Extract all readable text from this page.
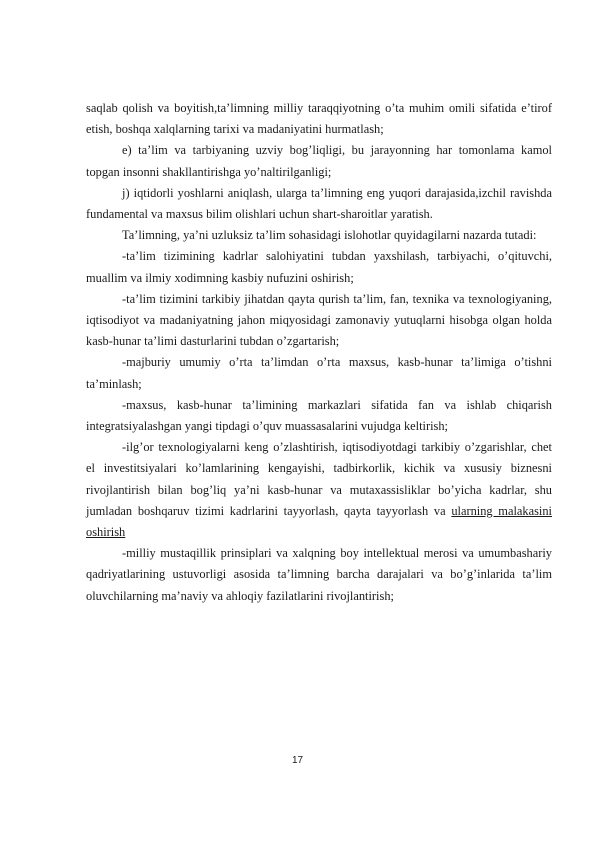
saqlab qolish va boyitish,ta’limning milliy taraqqiyotning o’ta muhim omili sifatida e’tirof etish, boshqa xalqlarning tarixi va madaniyatini hurmatlash;

e) ta’lim va tarbiyaning uzviy bog’liqligi, bu jarayonning har tomonlama kamol topgan insonni shakllantirishga yo’naltirilganligi;

j) iqtidorli yoshlarni aniqlash, ularga ta’limning eng yuqori darajasida,izchil ravishda fundamental va maxsus bilim olishlari uchun shart-sharoitlar yaratish.

Ta’limning, ya’ni uzluksiz ta’lim sohasidagi islohotlar quyidagilarni nazarda tutadi:

-ta’lim tizimining kadrlar salohiyatini tubdan yaxshilash, tarbiyachi, o’qituvchi, muallim va ilmiy xodimning kasbiy nufuzini oshirish;

-ta’lim tizimini tarkibiy jihatdan qayta qurish ta’lim, fan, texnika va texnologiyaning, iqtisodiyot va madaniyatning jahon miqyosidagi zamonaviy yutuqlarni hisobga olgan holda kasb-hunar ta’limi dasturlarini tubdan o’zgartarish;

-majburiy umumiy o’rta ta’limdan o’rta maxsus, kasb-hunar ta’limiga o’tishni ta’minlash;

-maxsus, kasb-hunar ta’limining markazlari sifatida fan va ishlab chiqarish integratsiyalashgan yangi tipdagi o’quv muassasalarini vujudga keltirish;

-ilg’or texnologiyalarni keng o’zlashtirish, iqtisodiyotdagi tarkibiy o’zgarishlar, chet el investitsiyalari ko’lamlarining kengayishi, tadbirkorlik, kichik va xususiy biznesni rivojlantirish bilan bog’liq ya’ni kasb-hunar va mutaxassisliklar bo’yicha kadrlar, shu jumladan boshqaruv tizimi kadrlarini tayyorlash, qayta tayyorlash va ularning malakasini oshirish

-milliy mustaqillik prinsiplari va xalqning boy intellektual merosi va umumbashariy qadriyatlarining ustuvorligi asosida ta’limning barcha darajalari va bo’g’inlarida ta’lim oluvchilarning ma’naviy va ahloqiy fazilatlarini rivojlantirish;

17
